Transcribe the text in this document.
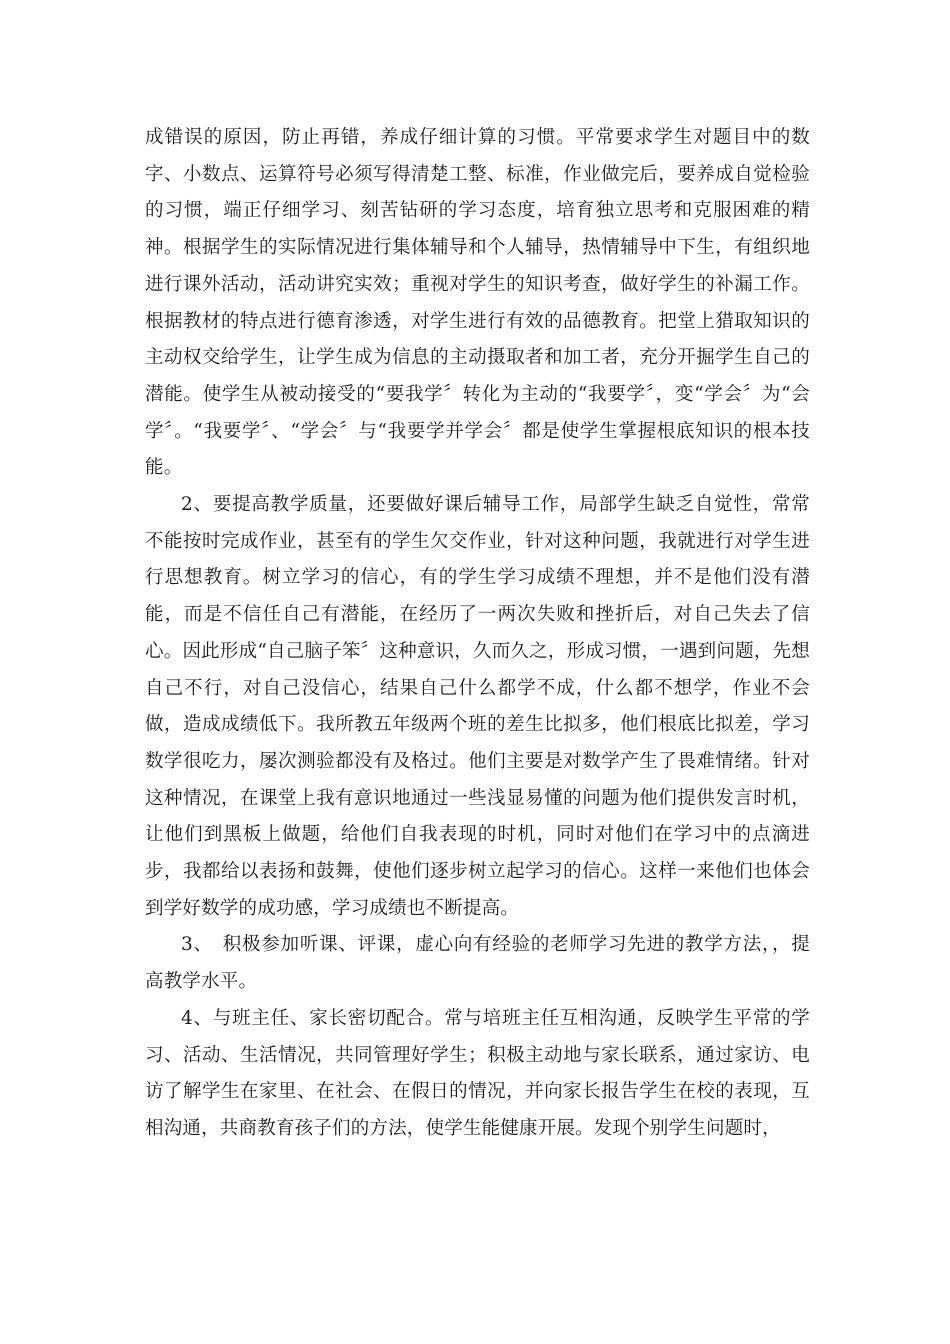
成错误的原因，防止再错，养成仔细计算的习惯。平常要求学生对题目中的数字、小数点、运算符号必须写得清楚工整、标准，作业做完后，要养成自觉检验的习惯，端正仔细学习、刻苦钻研的学习态度，培育独立思考和克服困难的精神。根据学生的实际情况进行集体辅导和个人辅导，热情辅导中下生，有组织地进行课外活动，活动讲究实效；重视对学生的知识考查，做好学生的补漏工作。根据教材的特点进行德育渗透，对学生进行有效的品德教育。把堂上猎取知识的主动权交给学生，让学生成为信息的主动摄取者和加工者，充分开掘学生自己的潜能。使学生从被动接受的“要我学〞转化为主动的“我要学〞，变“学会〞为“会学〞。“我要学〞、“学会〞与“我要学并学会〞都是使学生掌握根底知识的根本技能。

2、要提高教学质量，还要做好课后辅导工作，局部学生缺乏自觉性，常常不能按时完成作业，甚至有的学生欠交作业，针对这种问题，我就进行对学生进行思想教育。树立学习的信心，有的学生学习成绩不理想，并不是他们没有潜能，而是不信任自己有潜能，在经历了一两次失败和挫折后，对自己失去了信心。因此形成“自己脑子笨〞这种意识，久而久之，形成习惯，一遇到问题，先想自己不行，对自己没信心，结果自己什么都学不成，什么都不想学，作业不会做，造成成绩低下。我所教五年级两个班的差生比拟多，他们根底比拟差，学习数学很吃力，屡次测验都没有及格过。他们主要是对数学产生了畏难情绪。针对这种情况，在课堂上我有意识地通过一些浅显易懂的问题为他们提供发言时机，让他们到黑板上做题，给他们自我表现的时机，同时对他们在学习中的点滴进步，我都给以表扬和鼓舞，使他们逐步树立起学习的信心。这样一来他们也体会到学好数学的成功感，学习成绩也不断提高。

3、　积极参加听课、评课，虚心向有经验的老师学习先进的教学方法，，提高教学水平。

4、与班主任、家长密切配合。常与培班主任互相沟通，反映学生平常的学习、活动、生活情况，共同管理好学生；积极主动地与家长联系，通过家访、电访了解学生在家里、在社会、在假日的情况，并向家长报告学生在校的表现，互相沟通，共商教育孩子们的方法，使学生能健康开展。发现个别学生问题时，
